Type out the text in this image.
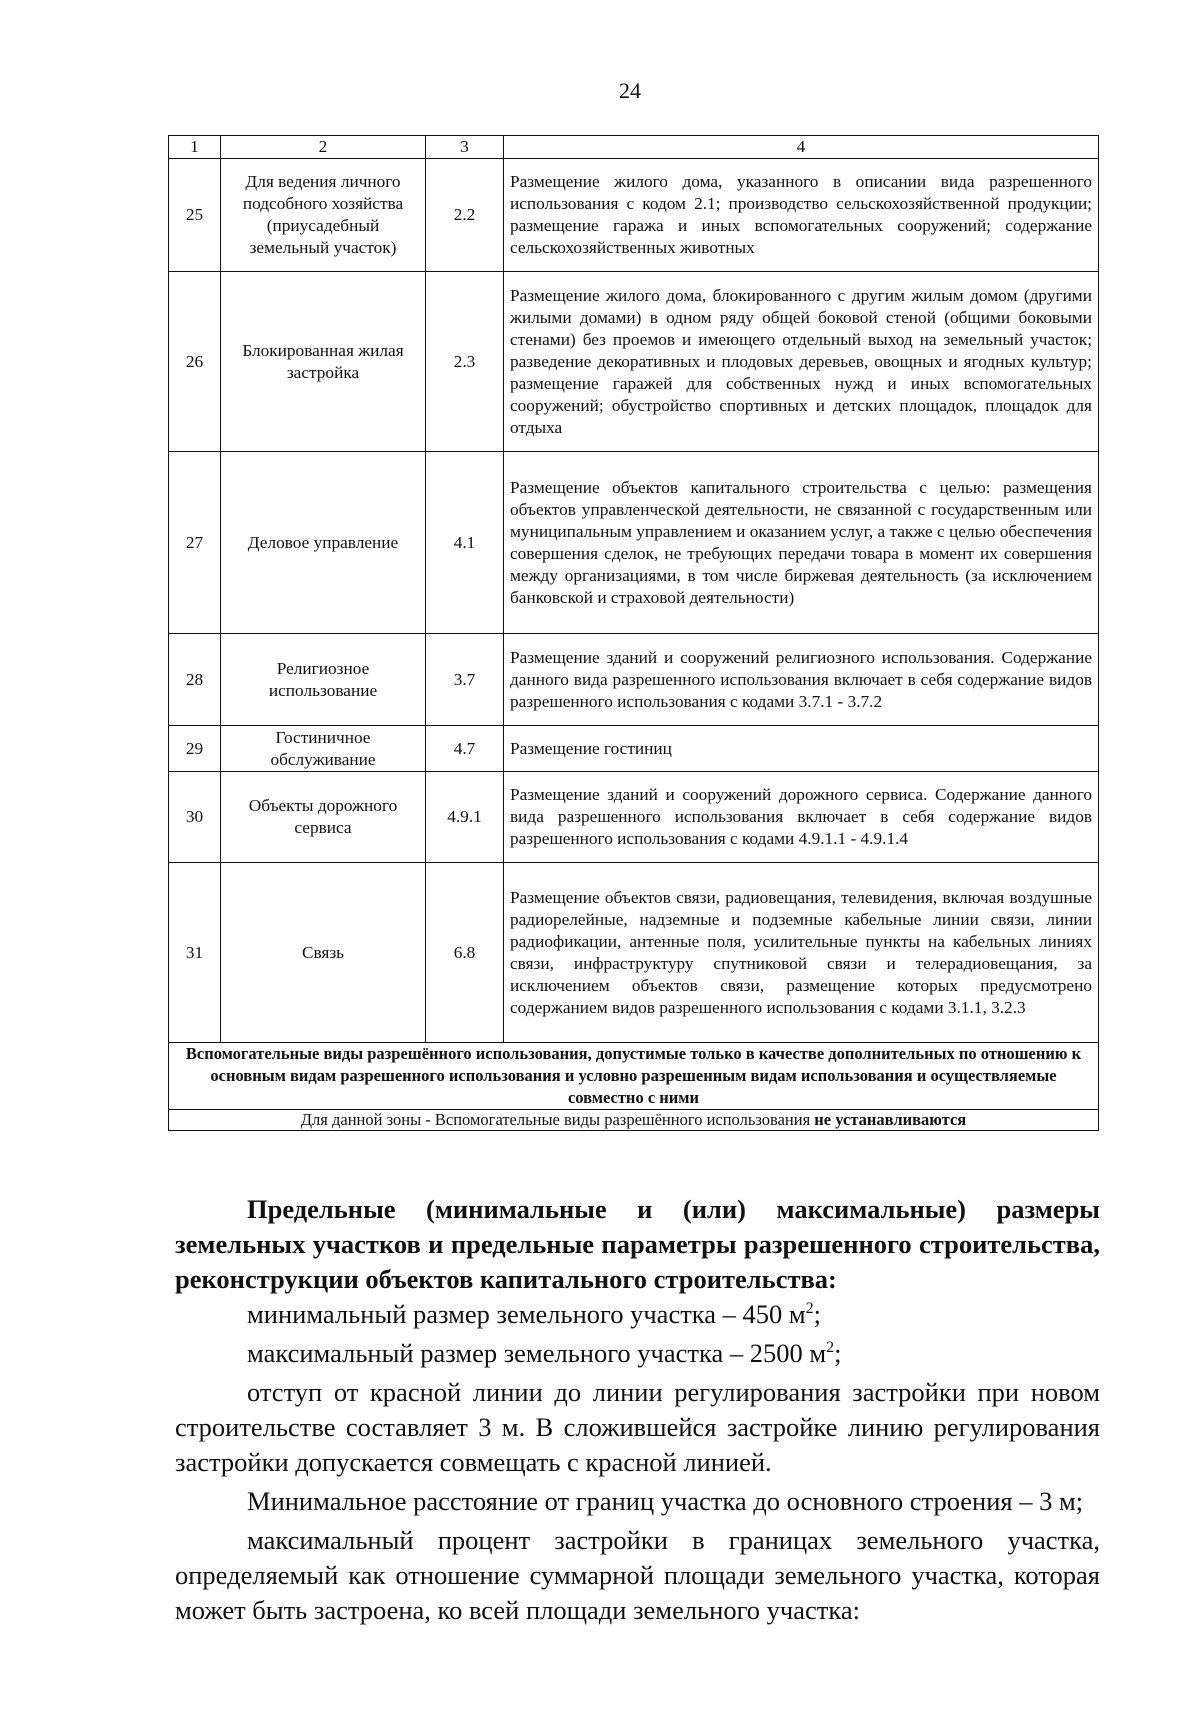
24
1	2	3	4
25	Для ведения личного подсобного хозяйства (приусадебный земельный участок)	2.2	Размещение жилого дома, указанного в описании вида разрешенного использования с кодом 2.1; производство сельскохозяйственной продукции; размещение гаража и иных вспомогательных сооружений; содержание сельскохозяйственных животных
26	Блокированная жилая застройка	2.3	Размещение жилого дома, блокированного с другим жилым домом (другими жилыми домами) в одном ряду общей боковой стеной (общими боковыми стенами) без проемов и имеющего отдельный выход на земельный участок; разведение декоративных и плодовых деревьев, овощных и ягодных культур; размещение гаражей для собственных нужд и иных вспомогательных сооружений; обустройство спортивных и детских площадок, площадок для отдыха
27	Деловое управление	4.1	Размещение объектов капитального строительства с целью: размещения объектов управленческой деятельности, не связанной с государственным или муниципальным управлением и оказанием услуг, а также с целью обеспечения совершения сделок, не требующих передачи товара в момент их совершения между организациями, в том числе биржевая деятельность (за исключением банковской и страховой деятельности)
28	Религиозное использование	3.7	Размещение зданий и сооружений религиозного использования. Содержание данного вида разрешенного использования включает в себя содержание видов разрешенного использования с кодами 3.7.1 - 3.7.2
29	Гостиничное обслуживание	4.7	Размещение гостиниц
30	Объекты дорожного сервиса	4.9.1	Размещение зданий и сооружений дорожного сервиса. Содержание данного вида разрешенного использования включает в себя содержание видов разрешенного использования с кодами 4.9.1.1 - 4.9.1.4
31	Связь	6.8	Размещение объектов связи, радиовещания, телевидения, включая воздушные радиорелейные, надземные и подземные кабельные линии связи, линии радиофикации, антенные поля, усилительные пункты на кабельных линиях связи, инфраструктуру спутниковой связи и телерадиовещания, за исключением объектов связи, размещение которых предусмотрено содержанием видов разрешенного использования с кодами 3.1.1, 3.2.3
Вспомогательные виды разрешённого использования, допустимые только в качестве дополнительных по отношению к основным видам разрешенного использования и условно разрешенным видам использования и осуществляемые совместно с ними			
Для данной зоны - Вспомогательные виды разрешённого использования не устанавливаются			

Предельные (минимальные и (или) максимальные) размеры земельных участков и предельные параметры разрешенного строительства, реконструкции объектов капитального строительства:

минимальный размер земельного участка – 450 $м^2$;

максимальный размер земельного участка – 2500 $м^2$;

отступ от красной линии до линии регулирования застройки при новом строительстве составляет 3 м. В сложившейся застройке линию регулирования застройки допускается совмещать с красной линией.

Минимальное расстояние от границ участка до основного строения – 3 м;

максимальный процент застройки в границах земельного участка, определяемый как отношение суммарной площади земельного участка, которая может быть застроена, ко всей площади земельного участка:
